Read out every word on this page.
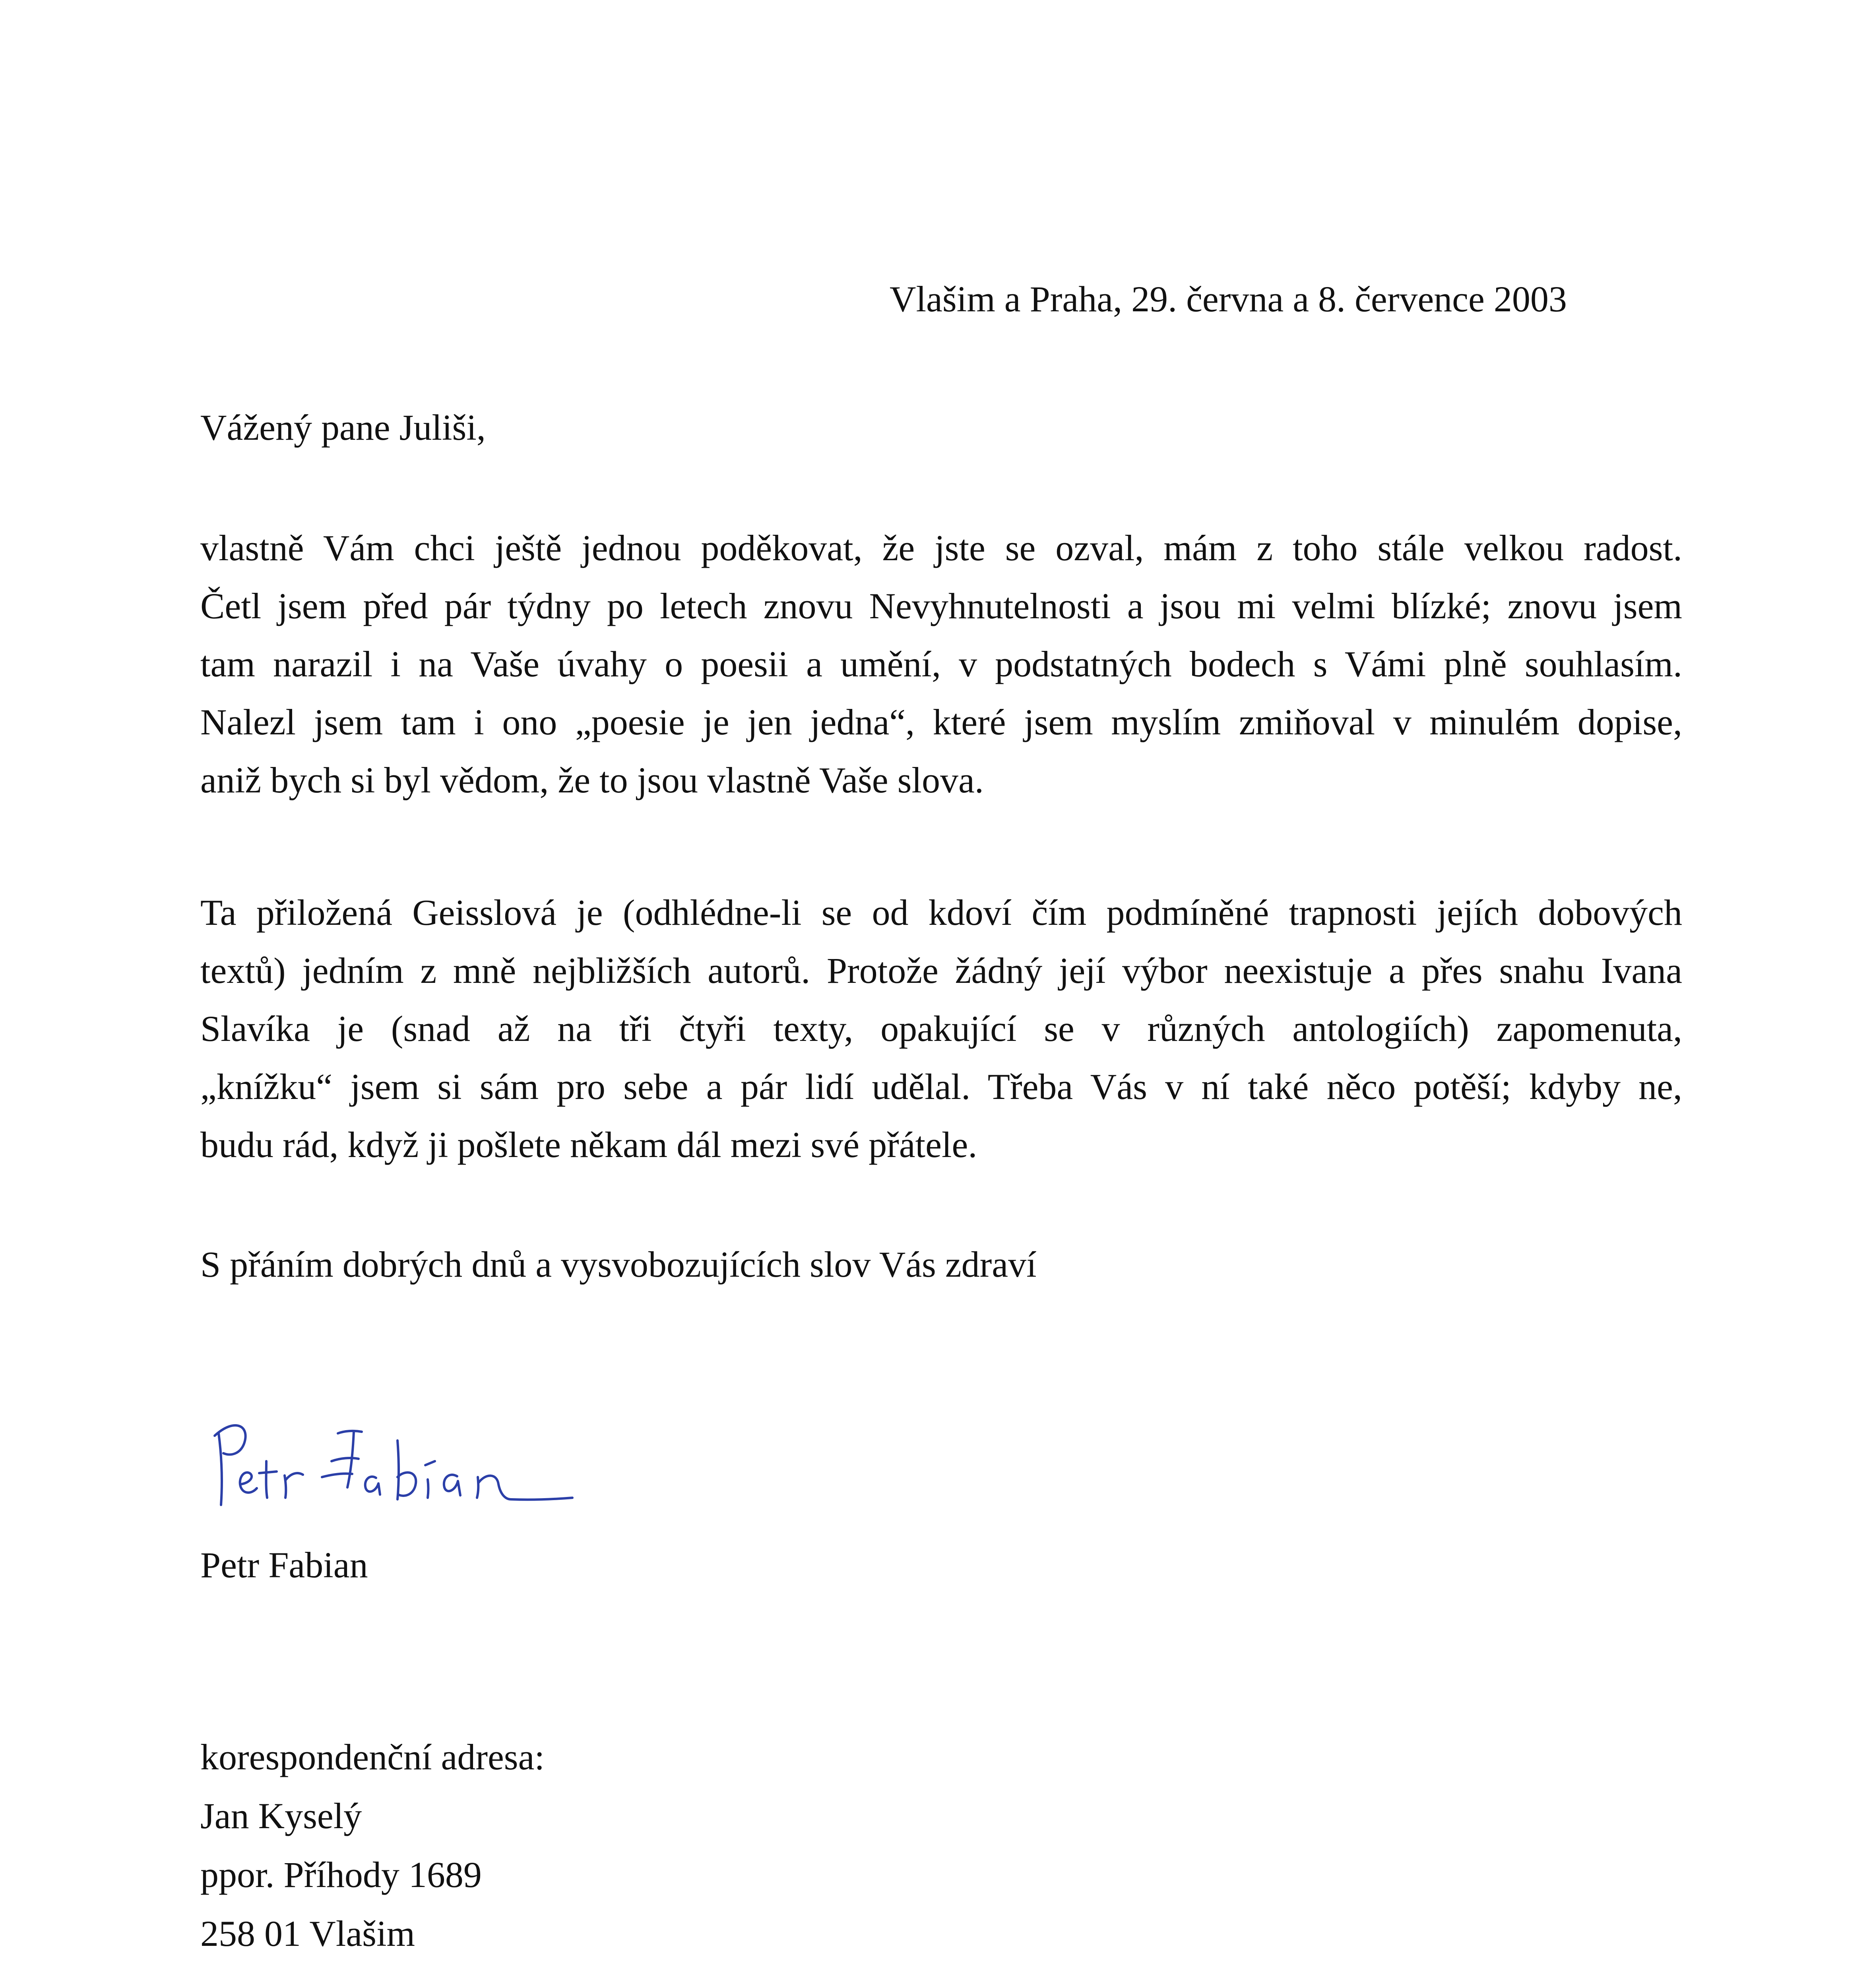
Vlašim a Praha, 29. června a 8. července 2003
Vážený pane Juliši,
vlastně Vám chci ještě jednou poděkovat, že jste se ozval, mám z toho stále velkou radost.
Četl jsem před pár týdny po letech znovu Nevyhnutelnosti a jsou mi velmi blízké; znovu jsem
tam narazil i na Vaše úvahy o poesii a umění, v podstatných bodech s Vámi plně souhlasím.
Nalezl jsem tam i ono „poesie je jen jedna“, které jsem myslím zmiňoval v minulém dopise,
aniž bych si byl vědom, že to jsou vlastně Vaše slova.
Ta přiložená Geisslová je (odhlédne-li se od kdoví čím podmíněné trapnosti jejích dobových
textů) jedním z mně nejbližších autorů. Protože žádný její výbor neexistuje a přes snahu Ivana
Slavíka je (snad až na tři čtyři texty, opakující se v různých antologiích) zapomenuta,
„knížku“ jsem si sám pro sebe a pár lidí udělal. Třeba Vás v ní také něco potěší; kdyby ne,
budu rád, když ji pošlete někam dál mezi své přátele.
S přáním dobrých dnů a vysvobozujících slov Vás zdraví
Petr Fabian
korespondenční adresa:
Jan Kyselý
ppor. Příhody 1689
258 01 Vlašim
